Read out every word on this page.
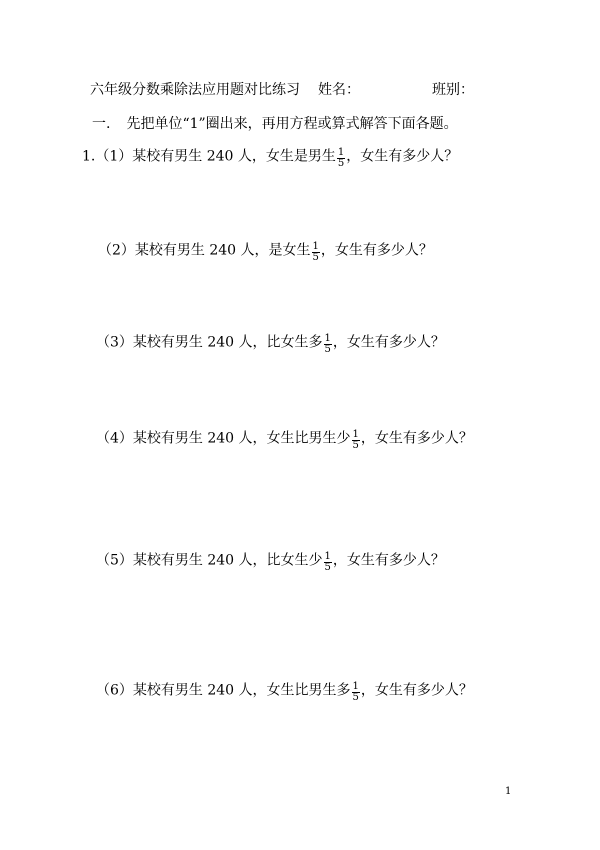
六年级分数乘除法应用题对比练习 姓名：	班别：
一. 先把单位“1”圈出来，再用方程或算式解答下面各题。
1.（1）某校有男生 240 人，女生是男生 $\frac{1}{5}$ ，女生有多少人？
（2）某校有男生 240 人，是女生 $\frac{1}{5}$ ，女生有多少人？
（3）某校有男生 240 人，比女生多 $\frac{1}{5}$ ，女生有多少人？
（4）某校有男生 240 人，女生比男生少 $\frac{1}{5}$ ，女生有多少人？
（5）某校有男生 240 人，比女生少 $\frac{1}{5}$ ，女生有多少人？
（6）某校有男生 240 人，女生比男生多 $\frac{1}{5}$ ，女生有多少人？
1
